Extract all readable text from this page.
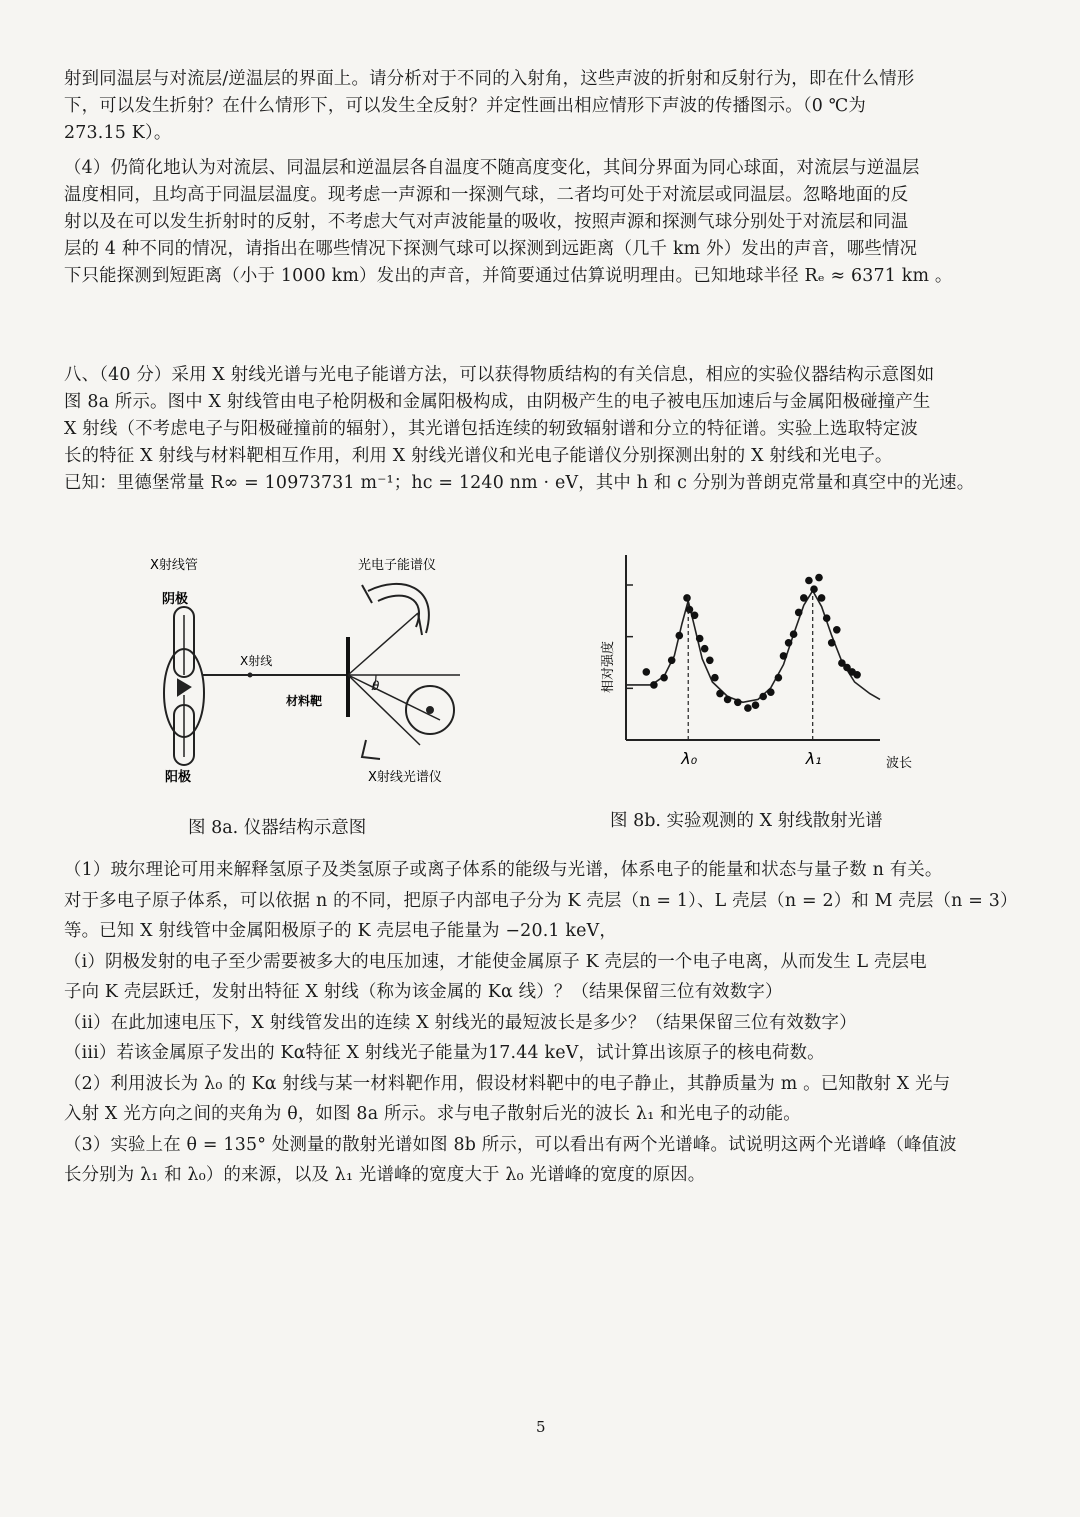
射到同温层与对流层/逆温层的界面上。请分析对于不同的入射角，这些声波的折射和反射行为，即在什么情形
下，可以发生折射？在什么情形下，可以发生全反射？并定性画出相应情形下声波的传播图示。（0 ℃为
273.15 K）。
（4）仍简化地认为对流层、同温层和逆温层各自温度不随高度变化，其间分界面为同心球面，对流层与逆温层
温度相同，且均高于同温层温度。现考虑一声源和一探测气球，二者均可处于对流层或同温层。忽略地面的反
射以及在可以发生折射时的反射，不考虑大气对声波能量的吸收，按照声源和探测气球分别处于对流层和同温
层的 4 种不同的情况，请指出在哪些情况下探测气球可以探测到远距离（几千 km 外）发出的声音，哪些情况
下只能探测到短距离（小于 1000 km）发出的声音，并简要通过估算说明理由。已知地球半径 Rₑ ≈ 6371 km 。
八、（40 分）采用 X 射线光谱与光电子能谱方法，可以获得物质结构的有关信息，相应的实验仪器结构示意图如
图 8a 所示。图中 X 射线管由电子枪阴极和金属阳极构成，由阴极产生的电子被电压加速后与金属阳极碰撞产生
X 射线（不考虑电子与阳极碰撞前的辐射），其光谱包括连续的轫致辐射谱和分立的特征谱。实验上选取特定波
长的特征 X 射线与材料靶相互作用，利用 X 射线光谱仪和光电子能谱仪分别探测出射的 X 射线和光电子。
已知：里德堡常量 R∞ = 10973731 m⁻¹；hc = 1240 nm · eV，其中 h 和 c 分别为普朗克常量和真空中的光速。
X射线管
阴极
阳极
X射线
材料靶
θ
光电子能谱仪
X射线光谱仪
图 8a. 仪器结构示意图
相对强度
波长
λ₀	λ₁
图 8b. 实验观测的 X 射线散射光谱
（1）玻尔理论可用来解释氢原子及类氢原子或离子体系的能级与光谱，体系电子的能量和状态与量子数 n 有关。
对于多电子原子体系，可以依据 n 的不同，把原子内部电子分为 K 壳层（n = 1）、L 壳层（n = 2）和 M 壳层（n = 3）
等。已知 X 射线管中金属阳极原子的 K 壳层电子能量为 −20.1 keV，
（i）阴极发射的电子至少需要被多大的电压加速，才能使金属原子 K 壳层的一个电子电离，从而发生 L 壳层电
子向 K 壳层跃迁，发射出特征 X 射线（称为该金属的 Kα 线）？（结果保留三位有效数字）
（ii）在此加速电压下，X 射线管发出的连续 X 射线光的最短波长是多少？（结果保留三位有效数字）
（iii）若该金属原子发出的 Kα特征 X 射线光子能量为17.44 keV，试计算出该原子的核电荷数。
（2）利用波长为 λ₀ 的 Kα 射线与某一材料靶作用，假设材料靶中的电子静止，其静质量为 m 。已知散射 X 光与
入射 X 光方向之间的夹角为 θ，如图 8a 所示。求与电子散射后光的波长 λ₁ 和光电子的动能。
（3）实验上在 θ = 135° 处测量的散射光谱如图 8b 所示，可以看出有两个光谱峰。试说明这两个光谱峰（峰值波
长分别为 λ₁ 和 λ₀）的来源，以及 λ₁ 光谱峰的宽度大于 λ₀ 光谱峰的宽度的原因。
5
